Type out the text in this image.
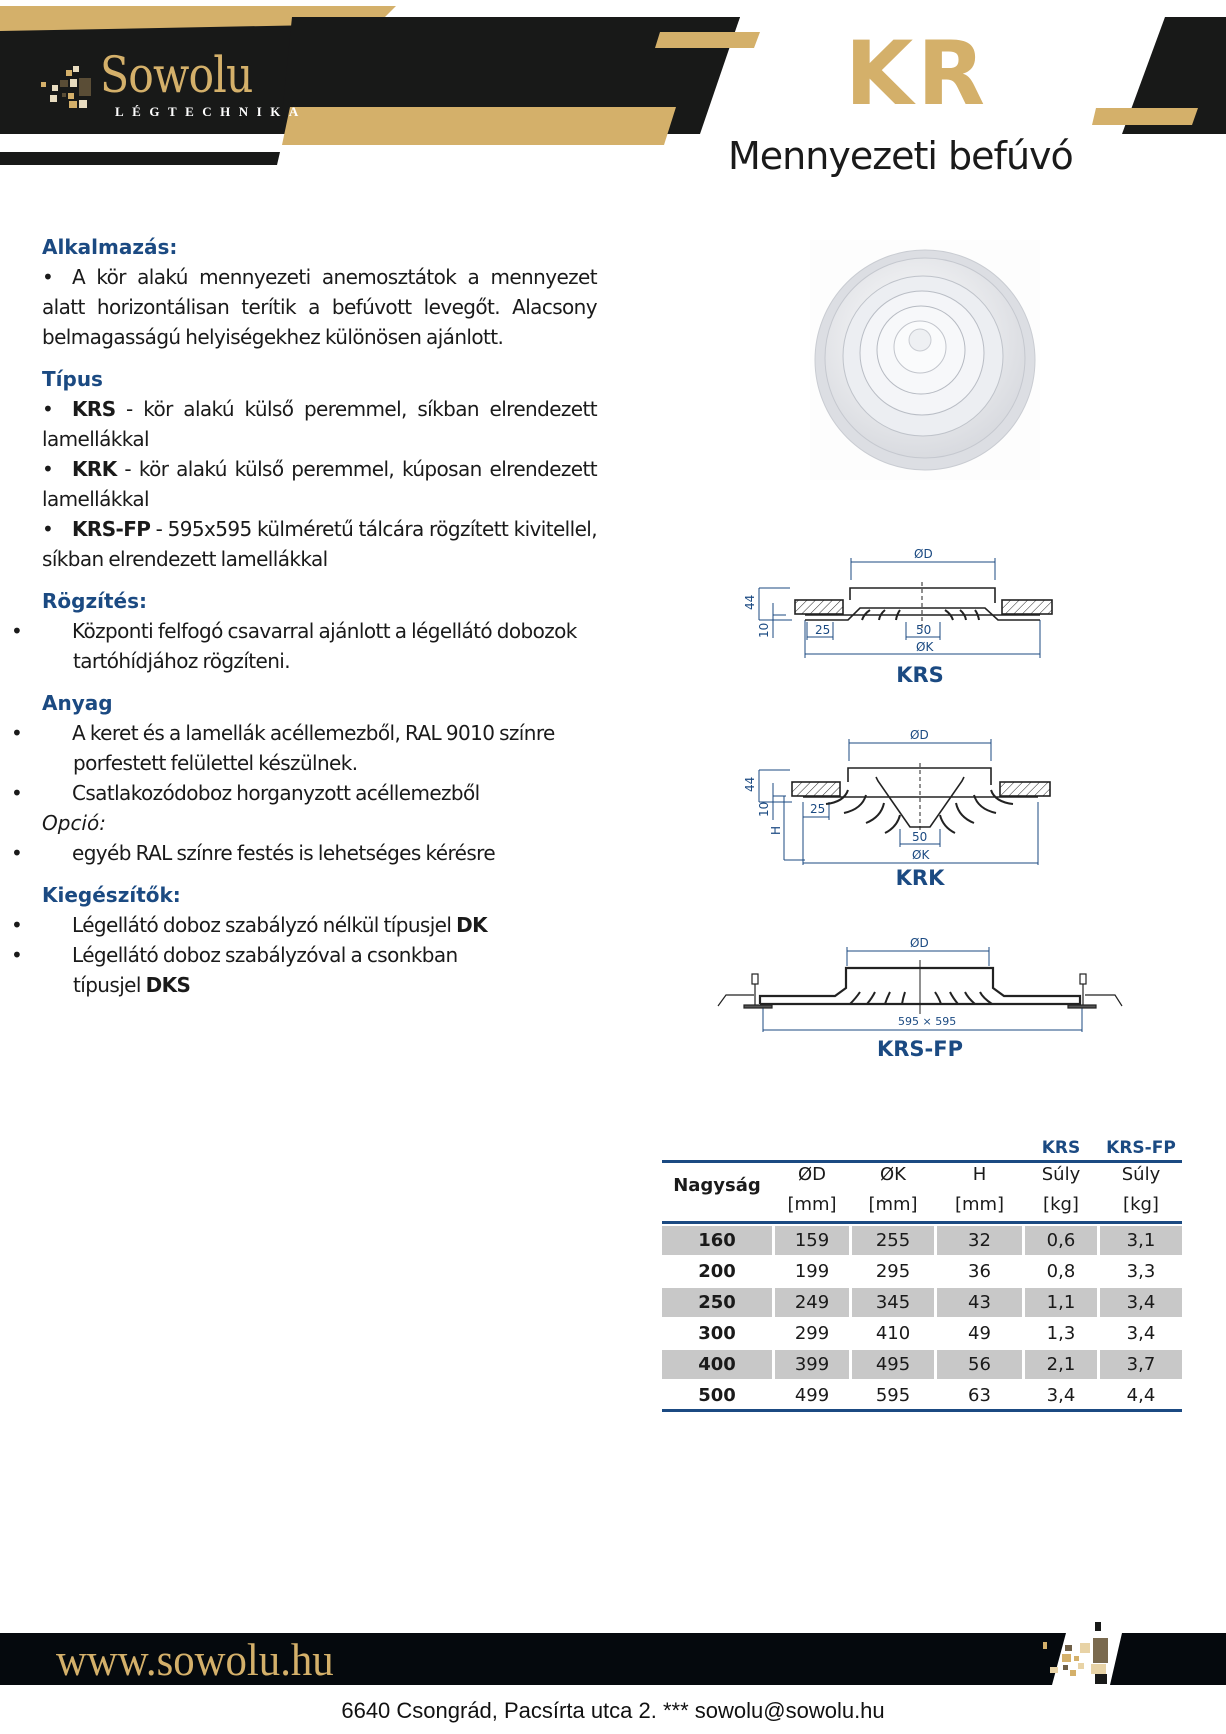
Sowolu
LÉGTECHNIKA	KR
Mennyezeti befúvó
Alkalmazás:
• A kör alakú mennyezeti anemosztátok a mennyezet alatt horizontálisan terítik a befúvott levegőt. Alacsony belmagasságú helyiségekhez különösen ajánlott.
Típus
• KRS - kör alakú külső peremmel, síkban elrendezett lamellákkal
• KRK - kör alakú külső peremmel, kúposan elrendezett lamellákkal
• KRS-FP - 595x595 külméretű tálcára rögzített kivitellel, síkban elrendezett lamellákkal
Rögzítés:
• Központi felfogó csavarral ajánlott a légellátó dobozok tartóhídjához rögzíteni.
Anyag
• A keret és a lamellák acéllemezből, RAL 9010 színre porfestett felülettel készülnek.
• Csatlakozódoboz horganyzott acéllemezből
Opció:
• egyéb RAL színre festés is lehetséges kérésre
Kiegészítők:
• Légellátó doboz szabályzó nélkül típusjel DK
• Légellátó doboz szabályzóval a csonkban típusjel DKS
ØD
25	50
ØK
44
10
KRS
ØD
25
50
ØK
44
10
H
KRK
ØD
595 × 595
KRS-FP
KRS	KRS-FP
Nagyság
ØD
[mm]
ØK
[mm]
H
[mm]
Súly
[kg]
Súly
[kg]
160	159	255	32	0,6	3,1
200	199	295	36	0,8	3,3
250	249	345	43	1,1	3,4
300	299	410	49	1,3	3,4
400	399	495	56	2,1	3,7
500	499	595	63	3,4	4,4
www.sowolu.hu
6640 Csongrád, Pacsírta utca 2. *** sowolu@sowolu.hu
